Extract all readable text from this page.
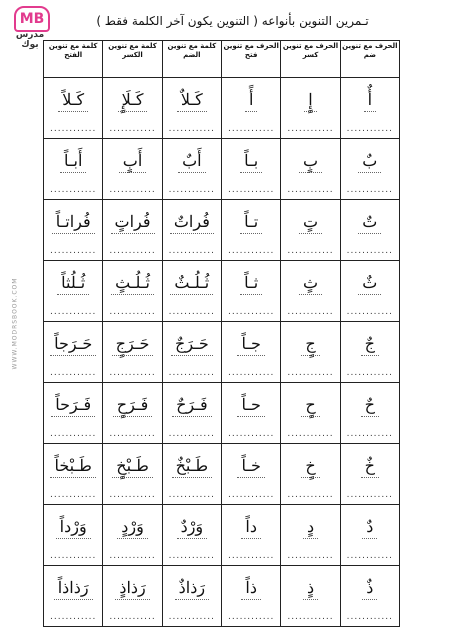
MB
مدرس بوك
WWW.MODRSBOOK.COM
تـمرين التنوين بأنواعه ( التنوين يكون آخر الكلمة فقط )
الحرف مع تنوين ضم	الحرف مع تنوين كسر	الحرف مع تنوين فتح	كلمة مع تنوين الضم	كلمة مع تنوين الكسر	كلمة مع تنوين الفتح
أٌ	إٍ	أً	كَـلاٌ	كَـلَإٍ	كَـلاً
............	............	............	............	............	............
بٌ	بٍ	بـاً	أَبٌ	أَبٍ	أَبـاً
............	............	............	............	............	............
تٌ	تٍ	تـاً	فُراتٌ	فُراتٍ	فُراتـاً
............	............	............	............	............	............
ثٌ	ثٍ	ثـاً	ثُـلُـثٌ	ثُـلُـثٍ	ثُـلُثاً
............	............	............	............	............	............
جٌ	جٍ	جـاً	حَـرَجٌ	حَـرَجٍ	حَـرَجاً
............	............	............	............	............	............
حٌ	حٍ	حـاً	فَـرَحٌ	فَـرَحٍ	فَـرَحاً
............	............	............	............	............	............
خٌ	خٍ	خـاً	طَـبْخٌ	طَـبْخٍ	طَـبْخاً
............	............	............	............	............	............
دٌ	دٍ	داً	وَرْدٌ	وَرْدٍ	وَرْداً
............	............	............	............	............	............
ذٌ	ذٍ	ذاً	رَذاذٌ	رَذاذٍ	رَذاذاً
............	............	............	............	............	............
